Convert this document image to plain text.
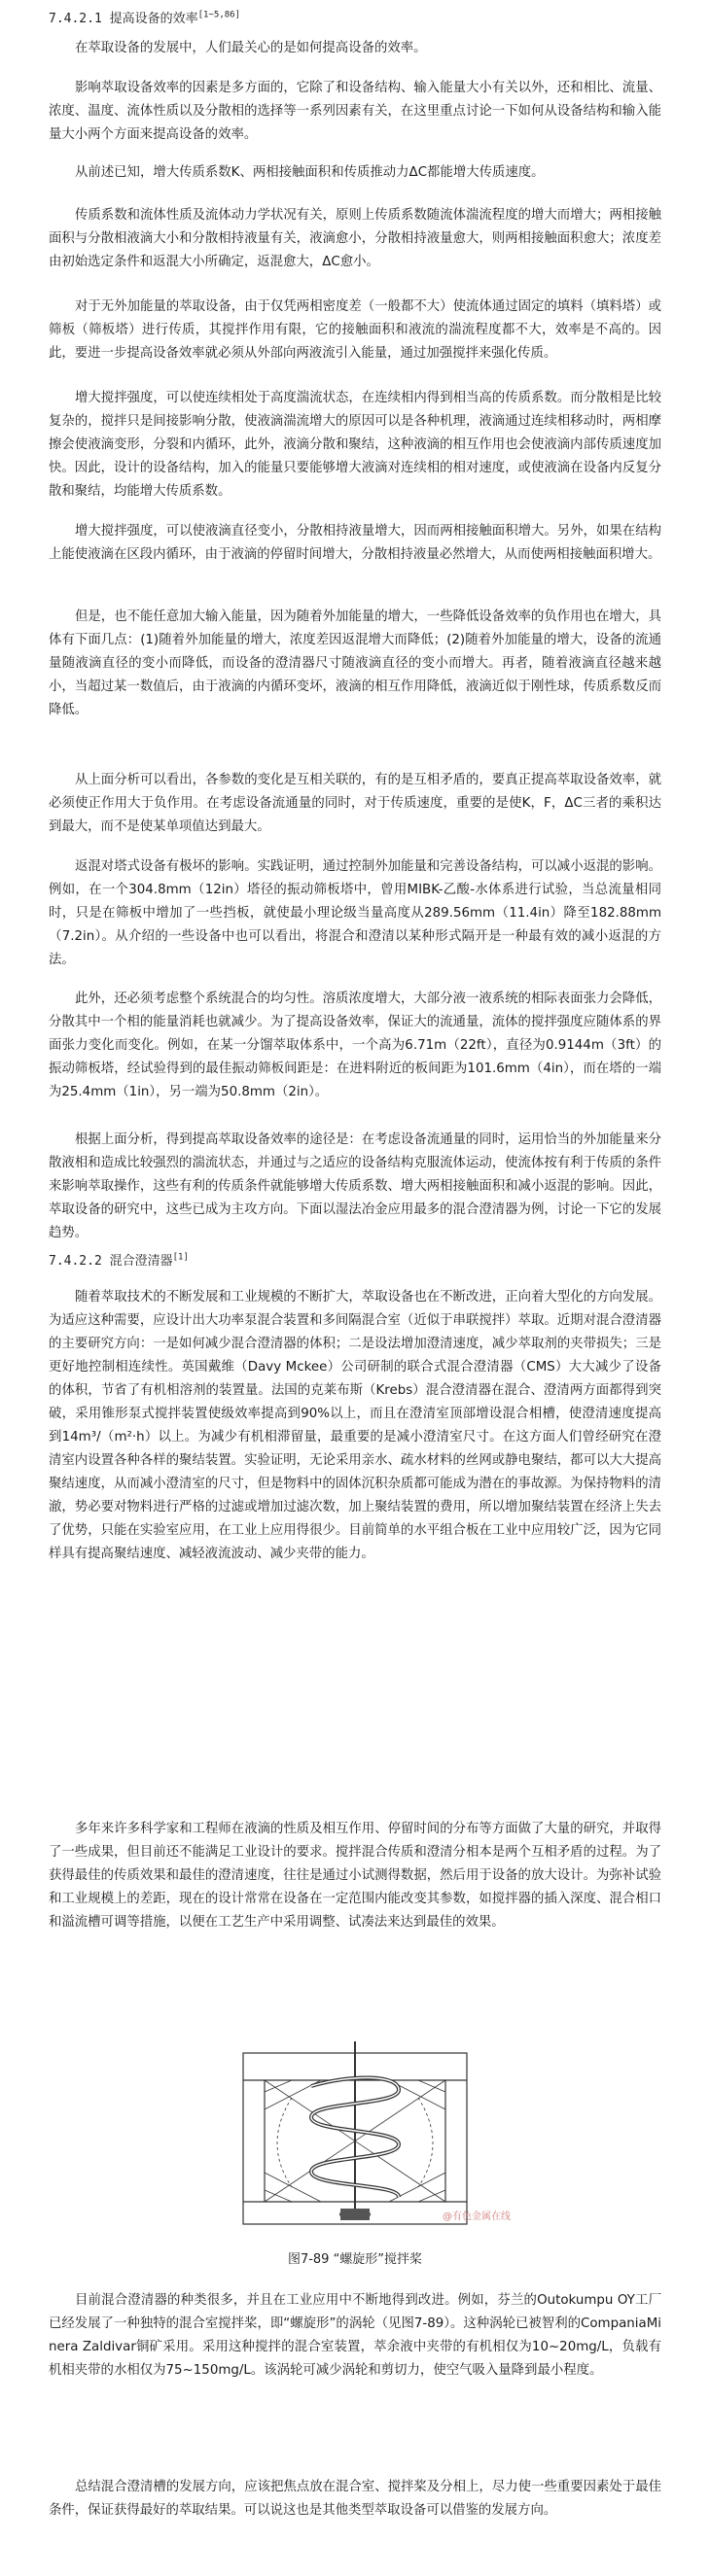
7.4.2.1 提高设备的效率[1~5,86]

在萃取设备的发展中，人们最关心的是如何提高设备的效率。

影响萃取设备效率的因素是多方面的，它除了和设备结构、输入能量大小有关以外，还和相比、流量、浓度、温度、流体性质以及分散相的选择等一系列因素有关，在这里重点讨论一下如何从设备结构和输入能量大小两个方面来提高设备的效率。

从前述已知，增大传质系数K、两相接触面积和传质推动力ΔC都能增大传质速度。

传质系数和流体性质及流体动力学状况有关，原则上传质系数随流体湍流程度的增大而增大；两相接触面积与分散相液滴大小和分散相持液量有关，液滴愈小，分散相持液量愈大，则两相接触面积愈大；浓度差由初始选定条件和返混大小所确定，返混愈大，ΔC愈小。

对于无外加能量的萃取设备，由于仅凭两相密度差（一般都不大）使流体通过固定的填料（填料塔）或筛板（筛板塔）进行传质，其搅拌作用有限，它的接触面积和液流的湍流程度都不大，效率是不高的。因此，要进一步提高设备效率就必须从外部向两液流引入能量，通过加强搅拌来强化传质。

增大搅拌强度，可以使连续相处于高度湍流状态，在连续相内得到相当高的传质系数。而分散相是比较复杂的，搅拌只是间接影响分散，使液滴湍流增大的原因可以是各种机理，液滴通过连续相移动时，两相摩擦会使液滴变形，分裂和内循环，此外，液滴分散和聚结，这种液滴的相互作用也会使液滴内部传质速度加快。因此，设计的设备结构，加入的能量只要能够增大液滴对连续相的相对速度，或使液滴在设备内反复分散和聚结，均能增大传质系数。

增大搅拌强度，可以使液滴直径变小，分散相持液量增大，因而两相接触面积增大。另外，如果在结构上能使液滴在区段内循环，由于液滴的停留时间增大，分散相持液量必然增大，从而使两相接触面积增大。

但是，也不能任意加大输入能量，因为随着外加能量的增大，一些降低设备效率的负作用也在增大，具体有下面几点：(1)随着外加能量的增大，浓度差因返混增大而降低；(2)随着外加能量的增大，设备的流通量随液滴直径的变小而降低，而设备的澄清器尺寸随液滴直径的变小而增大。再者，随着液滴直径越来越小，当超过某一数值后，由于液滴的内循环变坏，液滴的相互作用降低，液滴近似于刚性球，传质系数反而降低。

从上面分析可以看出，各参数的变化是互相关联的，有的是互相矛盾的，要真正提高萃取设备效率，就必须使正作用大于负作用。在考虑设备流通量的同时，对于传质速度，重要的是使K，F，ΔC三者的乘积达到最大，而不是使某单项值达到最大。

返混对塔式设备有极坏的影响。实践证明，通过控制外加能量和完善设备结构，可以减小返混的影响。例如，在一个304.8mm（12in）塔径的振动筛板塔中，曾用MIBK-乙酸-水体系进行试验，当总流量相同时，只是在筛板中增加了一些挡板，就使最小理论级当量高度从289.56mm（11.4in）降至182.88mm（7.2in）。从介绍的一些设备中也可以看出，将混合和澄清以某种形式隔开是一种最有效的减小返混的方法。

此外，还必须考虑整个系统混合的均匀性。溶质浓度增大，大部分液一液系统的相际表面张力会降低，分散其中一个相的能量消耗也就减少。为了提高设备效率，保证大的流通量，流体的搅拌强度应随体系的界面张力变化而变化。例如，在某一分馏萃取体系中，一个高为6.71m（22ft），直径为0.9144m（3ft）的振动筛板塔，经试验得到的最佳振动筛板间距是：在进料附近的板间距为101.6mm（4in），而在塔的一端为25.4mm（1in），另一端为50.8mm（2in）。

根据上面分析，得到提高萃取设备效率的途径是：在考虑设备流通量的同时，运用恰当的外加能量来分散液相和造成比较强烈的湍流状态，并通过与之适应的设备结构克服流体运动，使流体按有利于传质的条件来影响萃取操作，这些有利的传质条件就能够增大传质系数、增大两相接触面积和减小返混的影响。因此，萃取设备的研究中，这些已成为主攻方向。下面以湿法冶金应用最多的混合澄清器为例，讨论一下它的发展趋势。

7.4.2.2 混合澄清器[1]

随着萃取技术的不断发展和工业规模的不断扩大，萃取设备也在不断改进，正向着大型化的方向发展。为适应这种需要，应设计出大功率泵混合装置和多间隔混合室（近似于串联搅拌）萃取。近期对混合澄清器的主要研究方向：一是如何减少混合澄清器的体积；二是设法增加澄清速度，减少萃取剂的夹带损失；三是更好地控制相连续性。英国戴维（Davy Mckee）公司研制的联合式混合澄清器（CMS）大大减少了设备的体积，节省了有机相溶剂的装置量。法国的克莱布斯（Krebs）混合澄清器在混合、澄清两方面都得到突破，采用锥形泵式搅拌装置使级效率提高到90%以上，而且在澄清室顶部增设混合相槽，使澄清速度提高到14m³/（m²·h）以上。为减少有机相滞留量，最重要的是减小澄清室尺寸。在这方面人们曾经研究在澄清室内设置各种各样的聚结装置。实验证明，无论采用亲水、疏水材料的丝网或静电聚结，都可以大大提高聚结速度，从而减小澄清室的尺寸，但是物料中的固体沉积杂质都可能成为潜在的事故源。为保持物料的清澈，势必要对物料进行严格的过滤或增加过滤次数，加上聚结装置的费用，所以增加聚结装置在经济上失去了优势，只能在实验室应用，在工业上应用得很少。目前简单的水平组合板在工业中应用较广泛，因为它同样具有提高聚结速度、减轻液流波动、减少夹带的能力。

多年来许多科学家和工程师在液滴的性质及相互作用、停留时间的分布等方面做了大量的研究，并取得了一些成果，但目前还不能满足工业设计的要求。搅拌混合传质和澄清分相本是两个互相矛盾的过程。为了获得最佳的传质效果和最佳的澄清速度，往往是通过小试测得数据，然后用于设备的放大设计。为弥补试验和工业规模上的差距，现在的设计常常在设备在一定范围内能改变其参数，如搅拌器的插入深度、混合相口和溢流槽可调等措施，以便在工艺生产中采用调整、试凑法来达到最佳的效果。

@有色金属在线

图7-89 “螺旋形”搅拌桨

目前混合澄清器的种类很多，并且在工业应用中不断地得到改进。例如，芬兰的Outokumpu OY工厂已经发展了一种独特的混合室搅拌桨，即“螺旋形”的涡轮（见图7-89）。这种涡轮已被智利的CompaniaMinera Zaldivar铜矿采用。采用这种搅拌的混合室装置，萃余液中夹带的有机相仅为10~20mg/L，负载有机相夹带的水相仅为75~150mg/L。该涡轮可减少涡轮和剪切力，使空气吸入量降到最小程度。

总结混合澄清槽的发展方向，应该把焦点放在混合室、搅拌桨及分相上，尽力使一些重要因素处于最佳条件，保证获得最好的萃取结果。可以说这也是其他类型萃取设备可以借鉴的发展方向。
